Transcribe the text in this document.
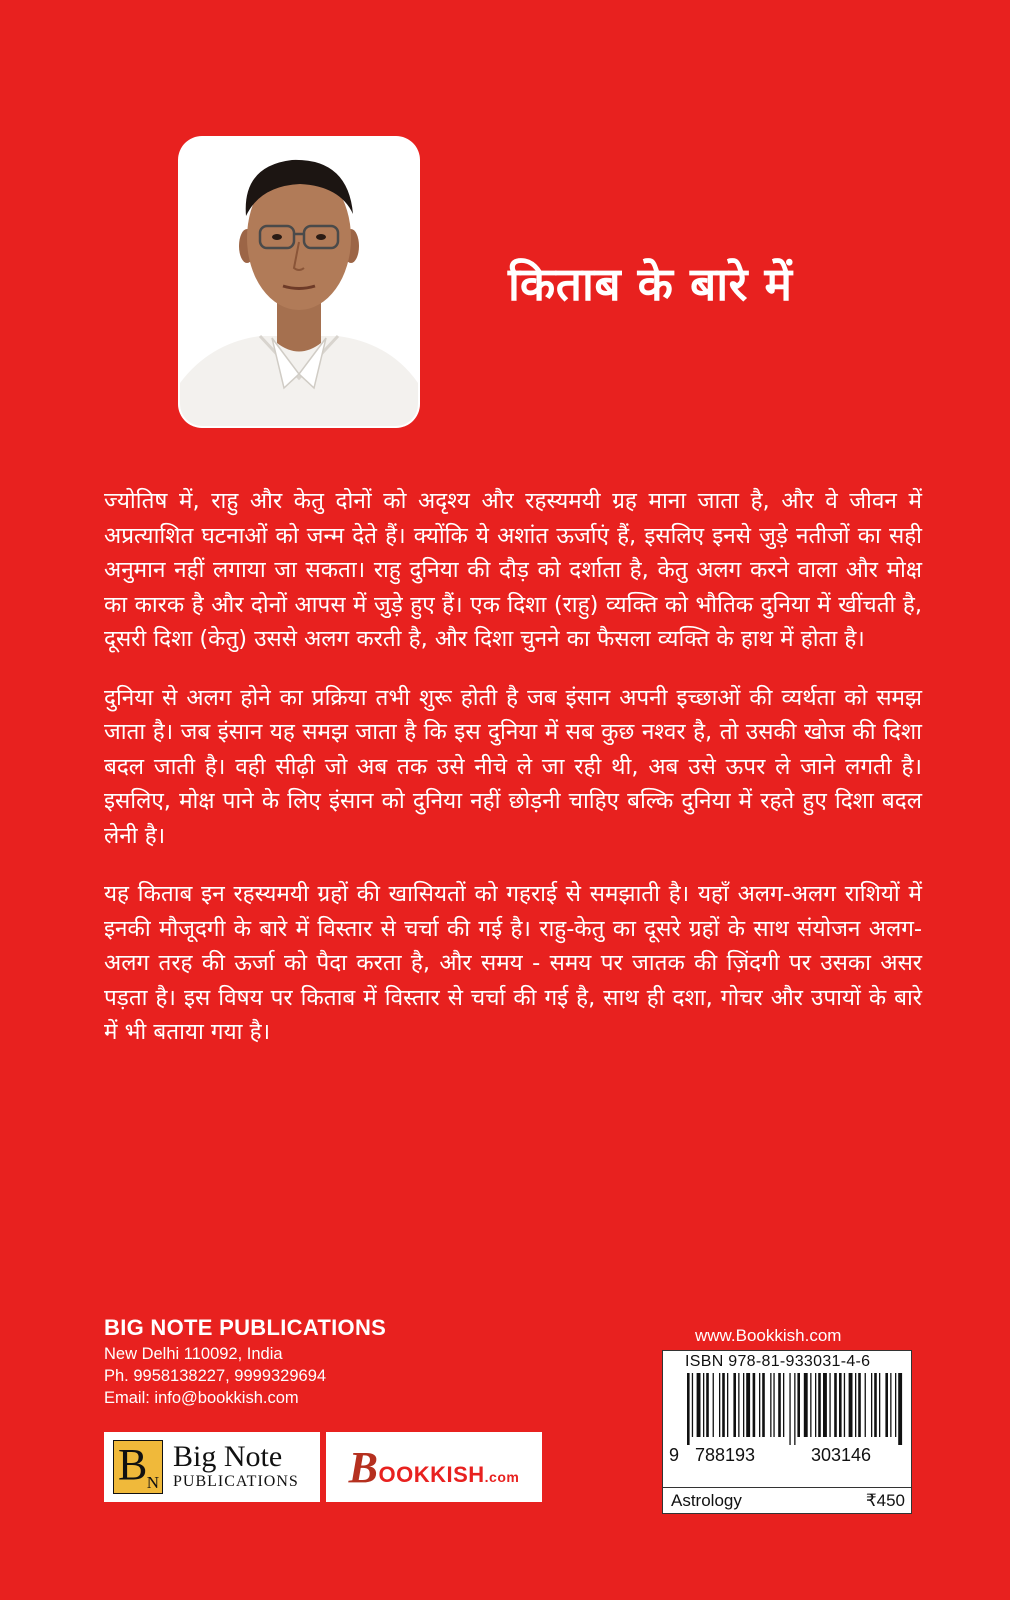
किताब के बारे में

ज्योतिष में, राहु और केतु दोनों को अदृश्य और रहस्यमयी ग्रह माना जाता है, और वे जीवन में अप्रत्याशित घटनाओं को जन्म देते हैं। क्योंकि ये अशांत ऊर्जाएं हैं, इसलिए इनसे जुड़े नतीजों का सही अनुमान नहीं लगाया जा सकता। राहु दुनिया की दौड़ को दर्शाता है, केतु अलग करने वाला और मोक्ष का कारक है और दोनों आपस में जुड़े हुए हैं। एक दिशा (राहु) व्यक्ति को भौतिक दुनिया में खींचती है, दूसरी दिशा (केतु) उससे अलग करती है, और दिशा चुनने का फैसला व्यक्ति के हाथ में होता है।

दुनिया से अलग होने का प्रक्रिया तभी शुरू होती है जब इंसान अपनी इच्छाओं की व्यर्थता को समझ जाता है। जब इंसान यह समझ जाता है कि इस दुनिया में सब कुछ नश्वर है, तो उसकी खोज की दिशा बदल जाती है। वही सीढ़ी जो अब तक उसे नीचे ले जा रही थी, अब उसे ऊपर ले जाने लगती है। इसलिए, मोक्ष पाने के लिए इंसान को दुनिया नहीं छोड़नी चाहिए बल्कि दुनिया में रहते हुए दिशा बदल लेनी है।

यह किताब इन रहस्यमयी ग्रहों की खासियतों को गहराई से समझाती है। यहाँ अलग-अलग राशियों में इनकी मौजूदगी के बारे में विस्तार से चर्चा की गई है। राहु-केतु का दूसरे ग्रहों के साथ संयोजन अलग-अलग तरह की ऊर्जा को पैदा करता है, और समय - समय पर जातक की ज़िंदगी पर उसका असर पड़ता है। इस विषय पर किताब में विस्तार से चर्चा की गई है, साथ ही दशा, गोचर और उपायों के बारे में भी बताया गया है।

BIG NOTE PUBLICATIONS
New Delhi 110092, India
Ph. 9958138227, 9999329694
Email: info@bookkish.com
B N
Big Note
PUBLICATIONS BOOKKISH.com
www.Bookkish.com
ISBN 978-81-933031-4-6
9 788193	303146
Astrology	₹450
